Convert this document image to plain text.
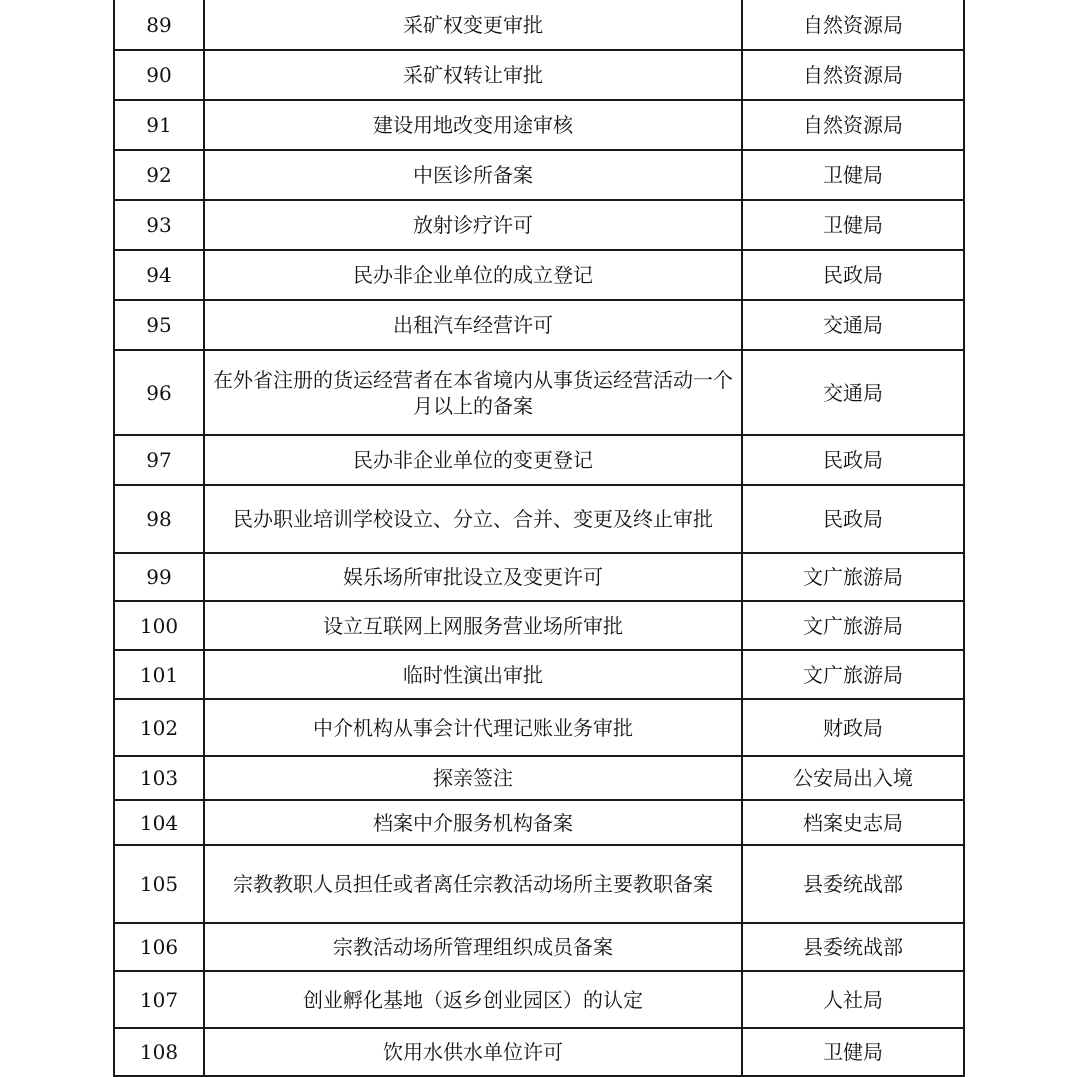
89	采矿权变更审批	自然资源局
90	采矿权转让审批	自然资源局
91	建设用地改变用途审核	自然资源局
92	中医诊所备案	卫健局
93	放射诊疗许可	卫健局
94	民办非企业单位的成立登记	民政局
95	出租汽车经营许可	交通局
96	在外省注册的货运经营者在本省境内从事货运经营活动一个月以上的备案	交通局
97	民办非企业单位的变更登记	民政局
98	民办职业培训学校设立、分立、合并、变更及终止审批	民政局
99	娱乐场所审批设立及变更许可	文广旅游局
100	设立互联网上网服务营业场所审批	文广旅游局
101	临时性演出审批	文广旅游局
102	中介机构从事会计代理记账业务审批	财政局
103	探亲签注	公安局出入境
104	档案中介服务机构备案	档案史志局
105	宗教教职人员担任或者离任宗教活动场所主要教职备案	县委统战部
106	宗教活动场所管理组织成员备案	县委统战部
107	创业孵化基地（返乡创业园区）的认定	人社局
108	饮用水供水单位许可	卫健局
